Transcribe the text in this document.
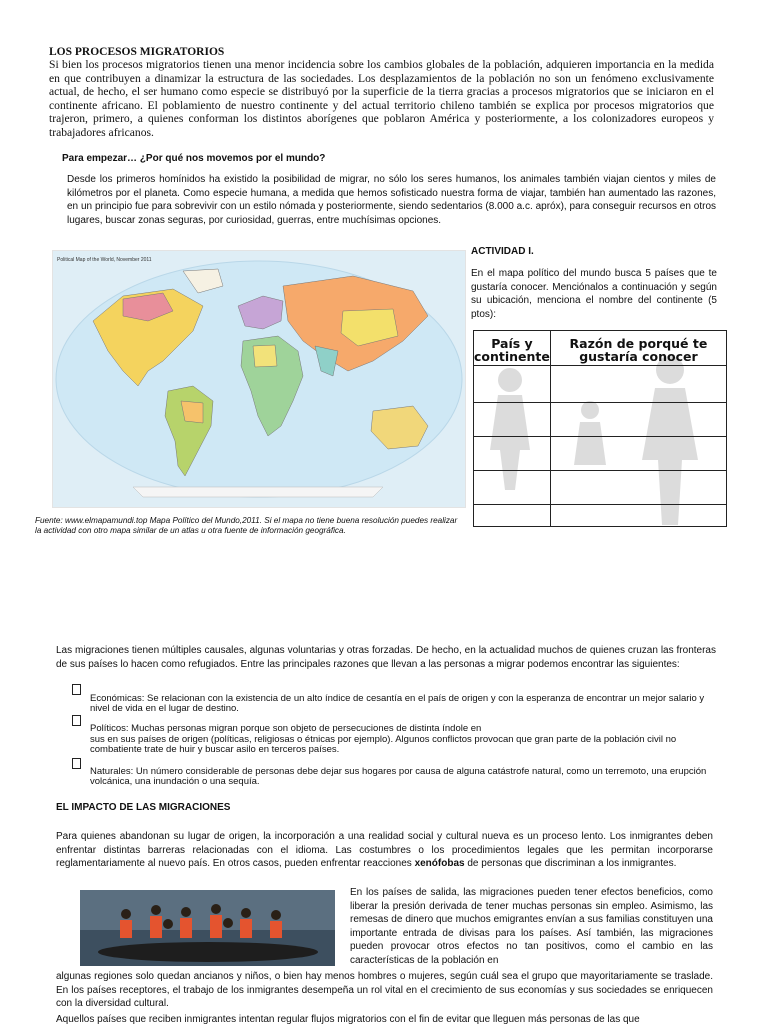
LOS PROCESOS MIGRATORIOS
Si bien los procesos migratorios tienen una menor incidencia sobre los cambios globales de la población, adquieren importancia en la medida en que contribuyen a dinamizar la estructura de las sociedades. Los desplazamientos de la población no son un fenómeno exclusivamente actual, de hecho, el ser humano como especie se distribuyó por la superficie de la tierra gracias a procesos migratorios que se iniciaron en el continente africano. El poblamiento de nuestro continente y del actual territorio chileno también se explica por procesos migratorios que trajeron, primero, a quienes conforman los distintos aborígenes que poblaron América y posteriormente, a los colonizadores europeos y trabajadores africanos.
Para empezar… ¿Por qué nos movemos por el mundo?
Desde los primeros homínidos ha existido la posibilidad de migrar, no sólo los seres humanos, los animales también viajan cientos y miles de kilómetros por el planeta. Como especie humana, a medida que hemos sofisticado nuestra forma de viajar, también han aumentado las razones, en un principio fue para sobrevivir con un estilo nómada y posteriormente, siendo sedentarios (8.000 a.c. apróx), para conseguir recursos en otros lugares, buscar zonas seguras, por curiosidad, guerras, entre muchísimas opciones.
Political Map of the World, November 2011
Fuente: www.elmapamundi.top Mapa Político del Mundo,2011. Si el mapa no tiene buena resolución puedes realizar la actividad con otro mapa similar de un atlas u otra fuente de información geográfica.
ACTIVIDAD I.
En el mapa político del mundo busca 5 países que te gustaría conocer. Menciónalos a continuación y según su ubicación, menciona el nombre del continente (5 ptos):
País y continente	Razón de porqué te gustaría conocer

Las migraciones tienen múltiples causales, algunas voluntarias y otras forzadas. De hecho, en la actualidad muchos de quienes cruzan las fronteras de sus países lo hacen como refugiados. Entre las principales razones que llevan a las personas a migrar podemos encontrar las siguientes:
Económicas: Se relacionan con la existencia de un alto índice de cesantía en el país de origen y con la esperanza de encontrar un mejor salario y nivel de vida en el lugar de destino.
Políticos: Muchas personas migran porque son objeto de persecuciones de distinta índole en
sus en sus países de origen (políticas, religiosas o étnicas por ejemplo). Algunos conflictos provocan que gran parte de la población civil no combatiente trate de huir y buscar asilo en terceros países.
Naturales: Un número considerable de personas debe dejar sus hogares por causa de alguna catástrofe natural, como un terremoto, una erupción volcánica, una inundación o una sequía.
EL IMPACTO DE LAS MIGRACIONES
Para quienes abandonan su lugar de origen, la incorporación a una realidad social y cultural nueva es un proceso lento. Los inmigrantes deben enfrentar distintas barreras relacionadas con el idioma. Las costumbres o los procedimientos legales que les permitan incorporarse reglamentariamente al nuevo país. En otros casos, pueden enfrentar reacciones xenófobas de personas que discriminan a los inmigrantes.
En los países de salida, las migraciones pueden tener efectos beneficios, como liberar la presión derivada de tener muchas personas sin empleo. Asimismo, las remesas de dinero que muchos emigrantes envían a sus familias constituyen una importante entrada de divisas para los países. Así también, las migraciones pueden provocar otros efectos no tan positivos, como el cambio en las características de la población en
algunas regiones solo quedan ancianos y niños, o bien hay menos hombres o mujeres, según cuál sea el grupo que mayoritariamente se traslade. En los países receptores, el trabajo de los inmigrantes desempeña un rol vital en el crecimiento de sus economías y sus sociedades se enriquecen con la diversidad cultural.
Aquellos países que reciben inmigrantes intentan regular flujos migratorios con el fin de evitar que lleguen más personas de las que
